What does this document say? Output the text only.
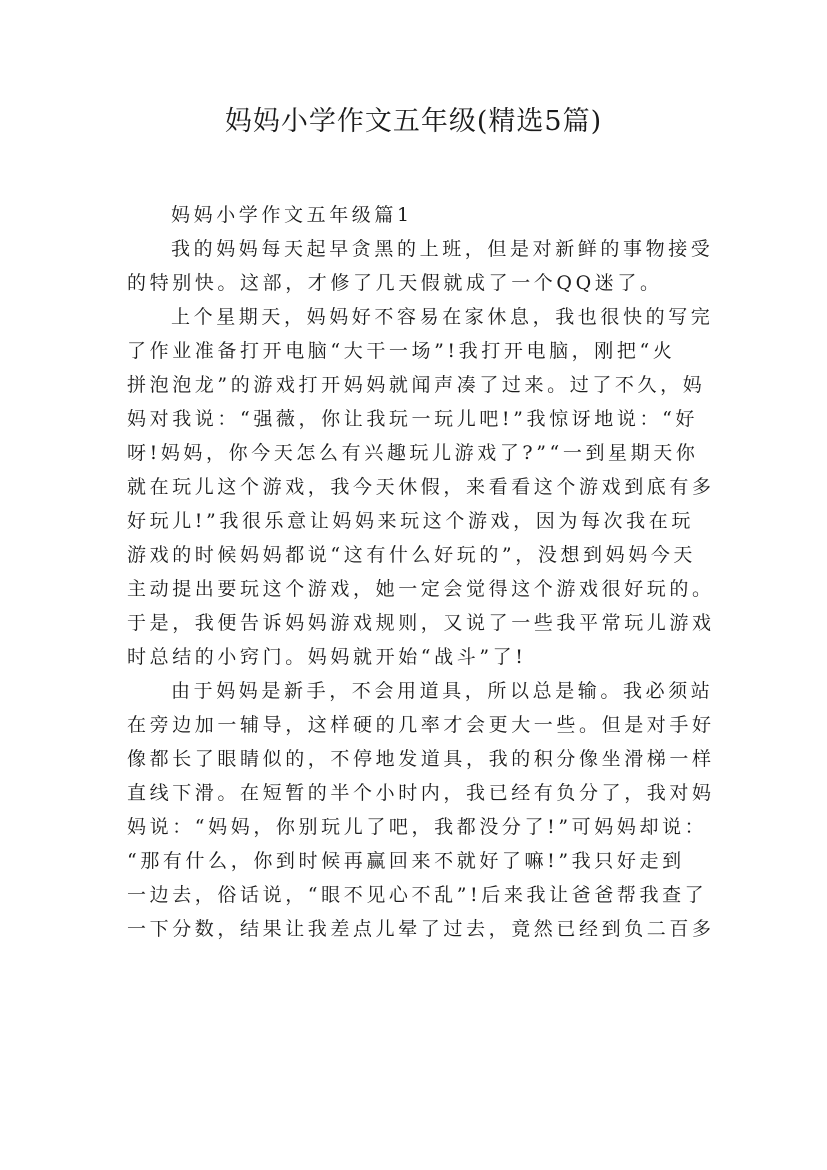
妈妈小学作文五年级(精选5篇)
妈妈小学作文五年级篇1
我的妈妈每天起早贪黑的上班，但是对新鲜的事物接受
的特别快。这部，才修了几天假就成了一个QQ迷了。
上个星期天，妈妈好不容易在家休息，我也很快的写完
了作业准备打开电脑“大干一场”!我打开电脑，刚把“火
拼泡泡龙”的游戏打开妈妈就闻声凑了过来。过了不久，妈
妈对我说：“强薇，你让我玩一玩儿吧!”我惊讶地说：“好
呀!妈妈，你今天怎么有兴趣玩儿游戏了?”“一到星期天你
就在玩儿这个游戏，我今天休假，来看看这个游戏到底有多
好玩儿!”我很乐意让妈妈来玩这个游戏，因为每次我在玩
游戏的时候妈妈都说“这有什么好玩的”，没想到妈妈今天
主动提出要玩这个游戏，她一定会觉得这个游戏很好玩的。
于是，我便告诉妈妈游戏规则，又说了一些我平常玩儿游戏
时总结的小窍门。妈妈就开始“战斗”了!
由于妈妈是新手，不会用道具，所以总是输。我必须站
在旁边加一辅导，这样硬的几率才会更大一些。但是对手好
像都长了眼睛似的，不停地发道具，我的积分像坐滑梯一样
直线下滑。在短暂的半个小时内，我已经有负分了，我对妈
妈说：“妈妈，你别玩儿了吧，我都没分了!”可妈妈却说：
“那有什么，你到时候再赢回来不就好了嘛!”我只好走到
一边去，俗话说，“眼不见心不乱”!后来我让爸爸帮我查了
一下分数，结果让我差点儿晕了过去，竟然已经到负二百多
